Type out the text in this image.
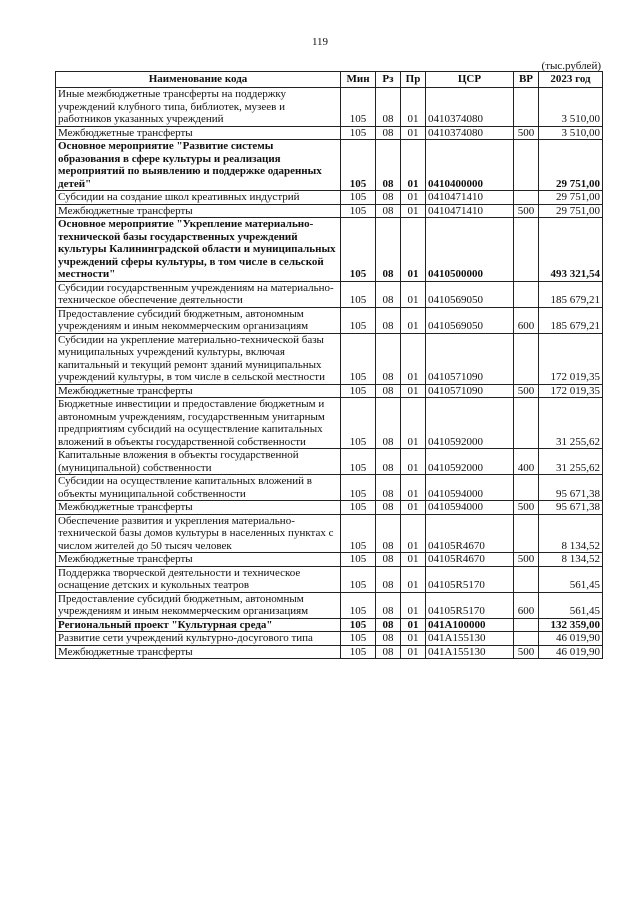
119
(тыс.рублей)
Наименование кода	Мин	Рз	Пр	ЦСР	ВР	2023 год
Иные межбюджетные трансферты на поддержку учреждений клубного типа, библиотек, музеев и работников указанных учреждений	105	08	01	0410374080		3 510,00
Межбюджетные трансферты	105	08	01	0410374080	500	3 510,00
Основное мероприятие "Развитие системы образования в сфере культуры и реализация мероприятий по выявлению и поддержке одаренных детей"	105	08	01	0410400000		29 751,00
Субсидии на создание школ креативных индустрий	105	08	01	0410471410		29 751,00
Межбюджетные трансферты	105	08	01	0410471410	500	29 751,00
Основное мероприятие "Укрепление материально-технической базы государственных учреждений культуры Калининградской области и муниципальных учреждений сферы культуры, в том числе в сельской местности"	105	08	01	0410500000		493 321,54
Субсидии государственным учреждениям на материально-техническое обеспечение деятельности	105	08	01	0410569050		185 679,21
Предоставление субсидий бюджетным, автономным учреждениям и иным некоммерческим организациям	105	08	01	0410569050	600	185 679,21
Субсидии на укрепление материально-технической базы муниципальных учреждений культуры, включая капитальный и текущий ремонт зданий муниципальных учреждений культуры, в том числе в сельской местности	105	08	01	0410571090		172 019,35
Межбюджетные трансферты	105	08	01	0410571090	500	172 019,35
Бюджетные инвестиции и предоставление бюджетным и автономным учреждениям, государственным унитарным предприятиям субсидий на осуществление капитальных вложений в объекты государственной собственности	105	08	01	0410592000		31 255,62
Капитальные вложения в объекты государственной (муниципальной) собственности	105	08	01	0410592000	400	31 255,62
Субсидии на осуществление капитальных вложений в объекты муниципальной собственности	105	08	01	0410594000		95 671,38
Межбюджетные трансферты	105	08	01	0410594000	500	95 671,38
Обеспечение развития и укрепления материально-технической базы домов культуры в населенных пунктах с числом жителей до 50 тысяч человек	105	08	01	04105R4670		8 134,52
Межбюджетные трансферты	105	08	01	04105R4670	500	8 134,52
Поддержка творческой деятельности и техническое оснащение детских и кукольных театров	105	08	01	04105R5170		561,45
Предоставление субсидий бюджетным, автономным учреждениям и иным некоммерческим организациям	105	08	01	04105R5170	600	561,45
Региональный проект "Культурная среда"	105	08	01	041A100000		132 359,00
Развитие сети учреждений культурно-досугового типа	105	08	01	041A155130		46 019,90
Межбюджетные трансферты	105	08	01	041A155130	500	46 019,90
